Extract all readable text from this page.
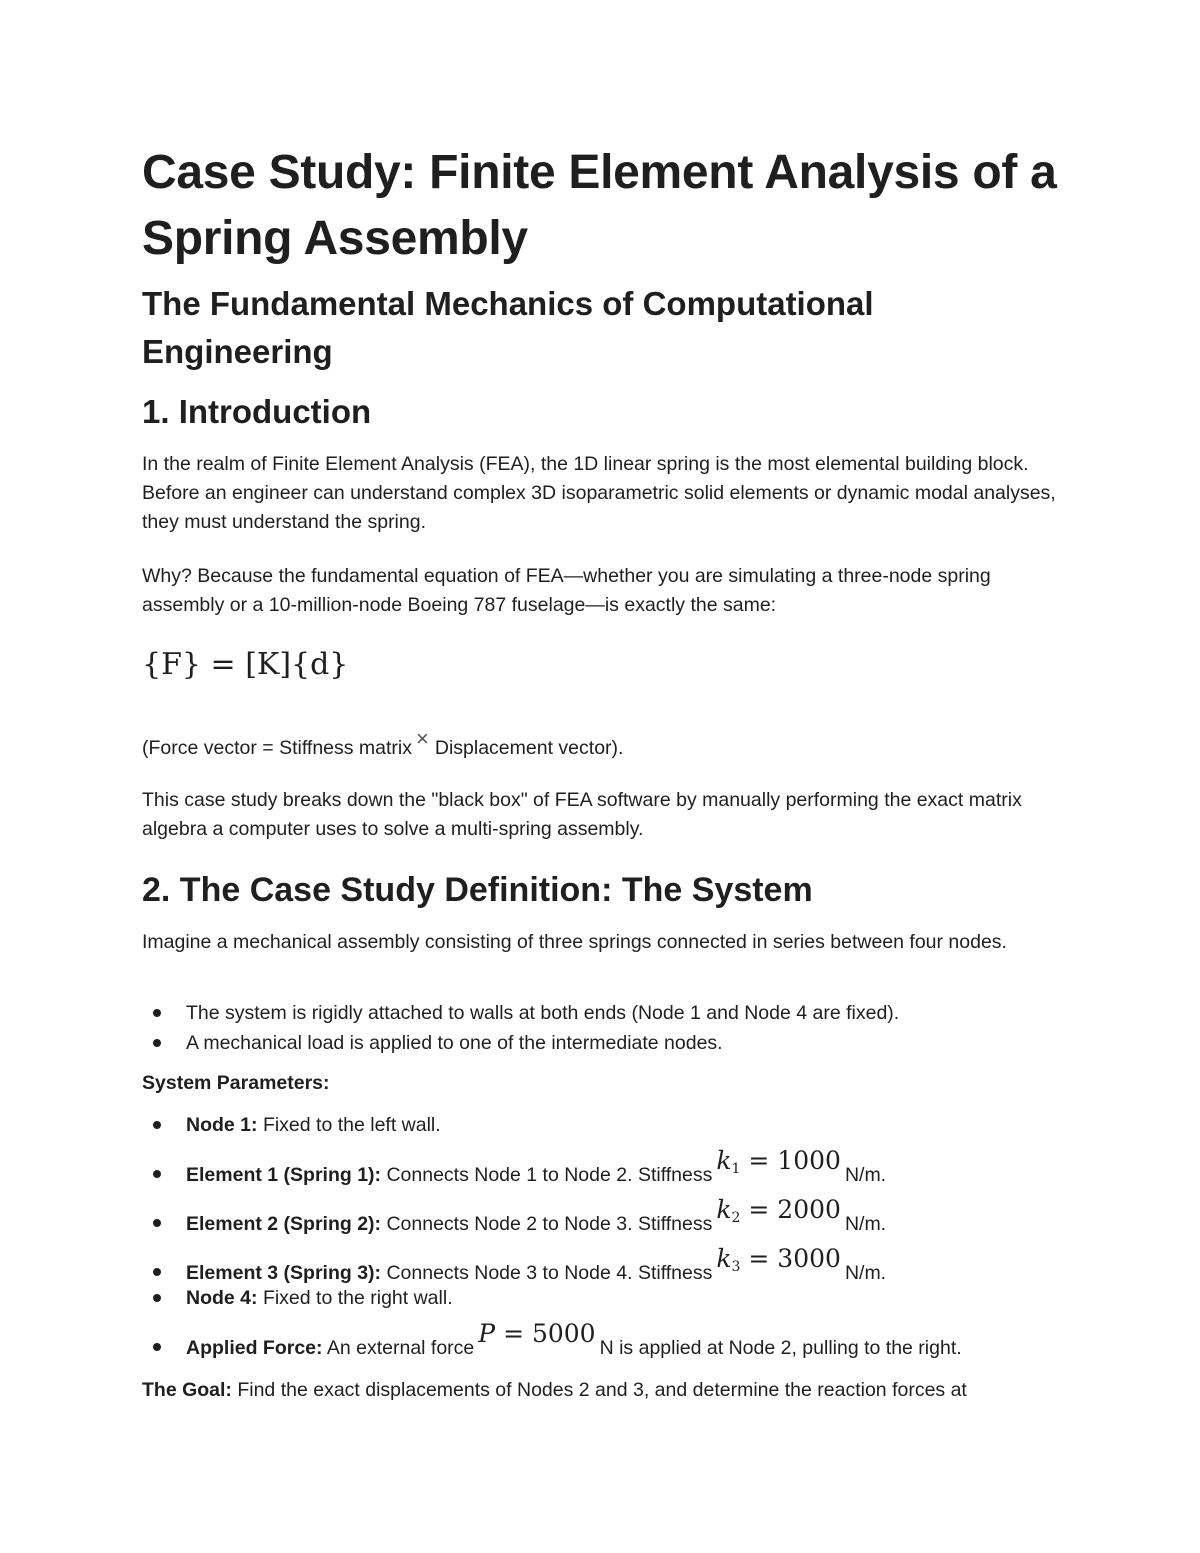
Case Study: Finite Element Analysis of a Spring Assembly
The Fundamental Mechanics of Computational Engineering
1. Introduction

In the realm of Finite Element Analysis (FEA), the 1D linear spring is the most elemental building block. Before an engineer can understand complex 3D isoparametric solid elements or dynamic modal analyses, they must understand the spring.

Why? Because the fundamental equation of FEA—whether you are simulating a three-node spring assembly or a 10-million-node Boeing 787 fuselage—is exactly the same:

{F} = [K]{d}

(Force vector = Stiffness matrix × Displacement vector).

This case study breaks down the "black box" of FEA software by manually performing the exact matrix algebra a computer uses to solve a multi-spring assembly.

2. The Case Study Definition: The System

Imagine a mechanical assembly consisting of three springs connected in series between four nodes.

The system is rigidly attached to walls at both ends (Node 1 and Node 4 are fixed).
A mechanical load is applied to one of the intermediate nodes.

System Parameters:

Node 1: Fixed to the left wall.
Element 1 (Spring 1): Connects Node 1 to Node 2. Stiffness $k_1 = 1000$ N/m.
Element 2 (Spring 2): Connects Node 2 to Node 3. Stiffness $k_2 = 2000$ N/m.
Element 3 (Spring 3): Connects Node 3 to Node 4. Stiffness $k_3 = 3000$ N/m.
Node 4: Fixed to the right wall.
Applied Force: An external force P = 5000 N is applied at Node 2, pulling to the right.

The Goal: Find the exact displacements of Nodes 2 and 3, and determine the reaction forces at
